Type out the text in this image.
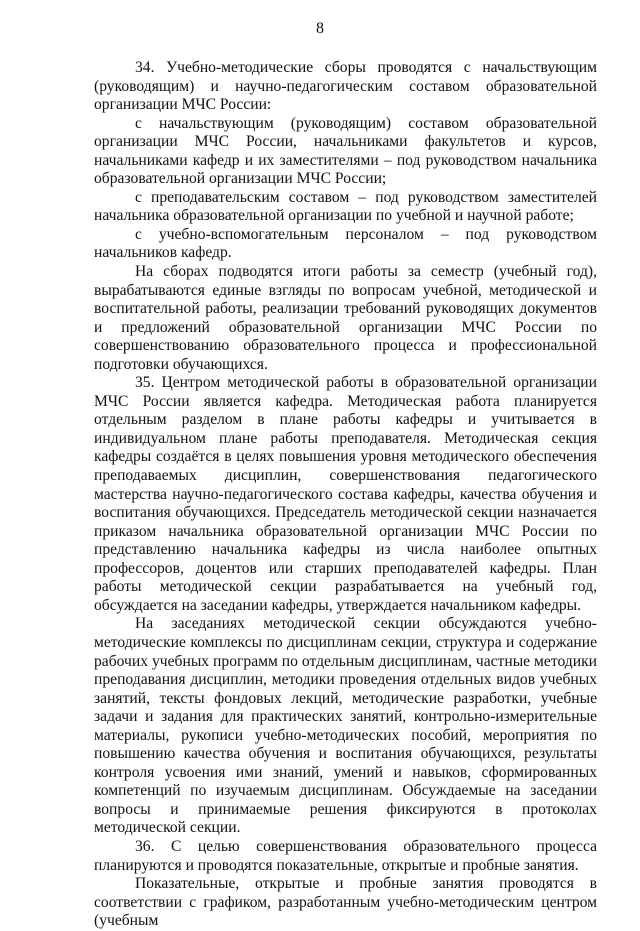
8

34. Учебно-методические сборы проводятся с начальствующим (руководящим) и научно-педагогическим составом образовательной организации МЧС России:

с начальствующим (руководящим) составом образовательной организации МЧС России, начальниками факультетов и курсов, начальниками кафедр и их заместителями – под руководством начальника образовательной организации МЧС России;

с преподавательским составом – под руководством заместителей начальника образовательной организации по учебной и научной работе;

с учебно-вспомогательным персоналом – под руководством начальников кафедр.

На сборах подводятся итоги работы за семестр (учебный год), вырабатываются единые взгляды по вопросам учебной, методической и воспитательной работы, реализации требований руководящих документов и предложений образовательной организации МЧС России по совершенствованию образовательного процесса и профессиональной подготовки обучающихся.

35. Центром методической работы в образовательной организации МЧС России является кафедра. Методическая работа планируется отдельным разделом в плане работы кафедры и учитывается в индивидуальном плане работы преподавателя. Методическая секция кафедры создаётся в целях повышения уровня методического обеспечения преподаваемых дисциплин, совершенствования педагогического мастерства научно-педагогического состава кафедры, качества обучения и воспитания обучающихся. Председатель методической секции назначается приказом начальника образовательной организации МЧС России по представлению начальника кафедры из числа наиболее опытных профессоров, доцентов или старших преподавателей кафедры. План работы методической секции разрабатывается на учебный год, обсуждается на заседании кафедры, утверждается начальником кафедры.

На заседаниях методической секции обсуждаются учебно-методические комплексы по дисциплинам секции, структура и содержание рабочих учебных программ по отдельным дисциплинам, частные методики преподавания дисциплин, методики проведения отдельных видов учебных занятий, тексты фондовых лекций, методические разработки, учебные задачи и задания для практических занятий, контрольно-измерительные материалы, рукописи учебно-методических пособий, мероприятия по повышению качества обучения и воспитания обучающихся, результаты контроля усвоения ими знаний, умений и навыков, сформированных компетенций по изучаемым дисциплинам. Обсуждаемые на заседании вопросы и принимаемые решения фиксируются в протоколах методической секции.

36. С целью совершенствования образовательного процесса планируются и проводятся показательные, открытые и пробные занятия.

Показательные, открытые и пробные занятия проводятся в соответствии с графиком, разработанным учебно-методическим центром (учебным
